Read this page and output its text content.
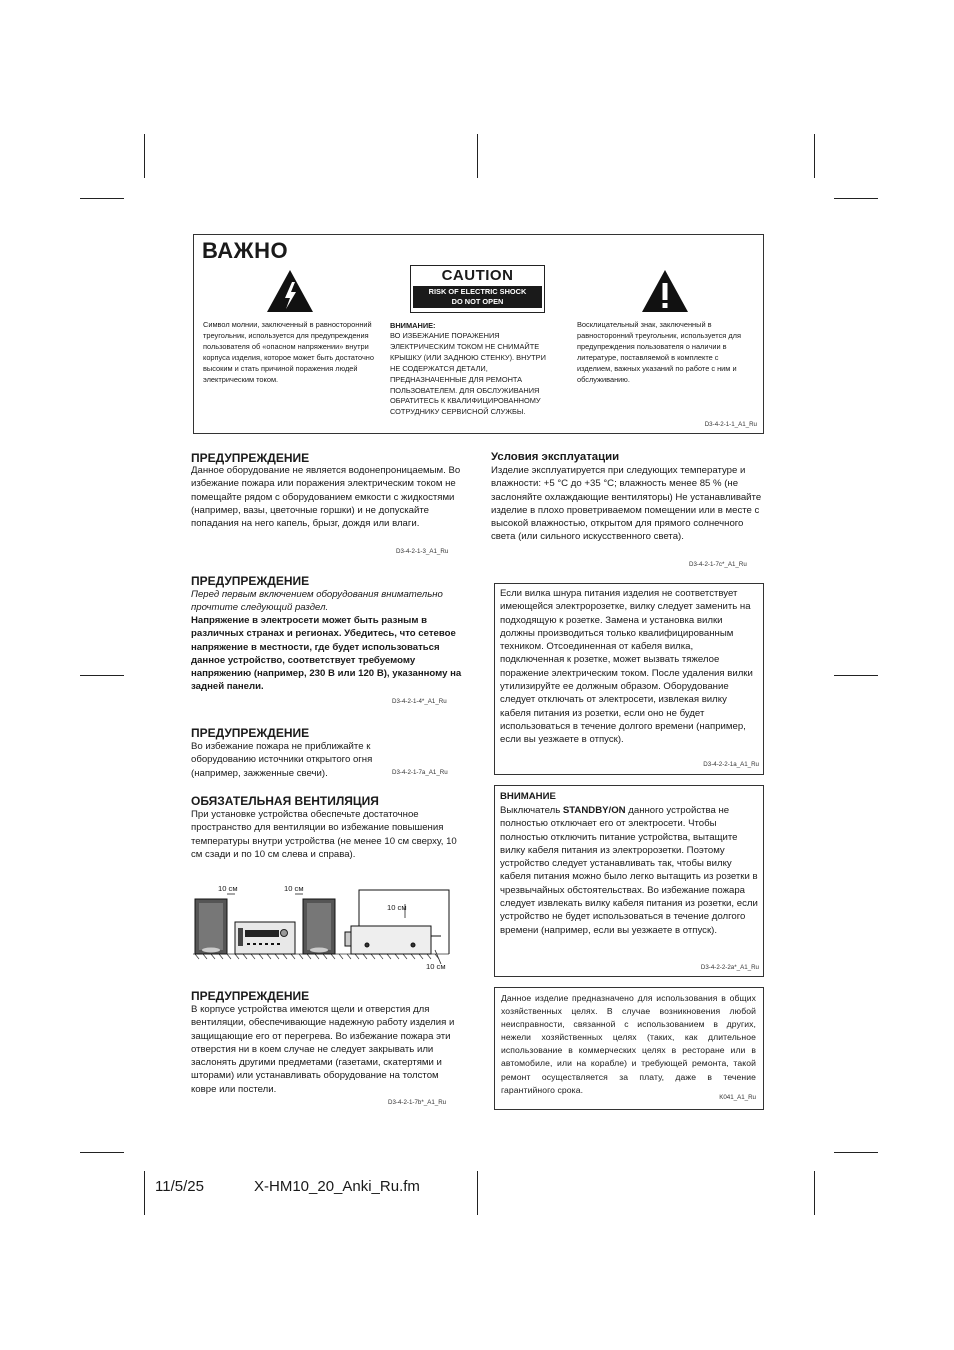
ВАЖНО

Символ молнии, заключенный в равносторонний треугольник, используется для предупреждения пользователя об «опасном напряжении» внутри корпуса изделия, которое может быть достаточно высоким и стать причиной поражения людей электрическим током.

CAUTION
RISK OF ELECTRIC SHOCK
DO NOT OPEN
ВНИМАНИЕ:

ВО ИЗБЕЖАНИЕ ПОРАЖЕНИЯ ЭЛЕКТРИЧЕСКИМ ТОКОМ НЕ СНИМАЙТЕ КРЫШКУ (ИЛИ ЗАДНЮЮ СТЕНКУ). ВНУТРИ НЕ СОДЕРЖАТСЯ ДЕТАЛИ, ПРЕДНАЗНАЧЕННЫЕ ДЛЯ РЕМОНТА ПОЛЬЗОВАТЕЛЕМ. ДЛЯ ОБСЛУЖИВАНИЯ ОБРАТИТЕСЬ К КВАЛИФИЦИРОВАННОМУ СОТРУДНИКУ СЕРВИСНОЙ СЛУЖБЫ.

Восклицательный знак, заключенный в равносторонний треугольник, используется для предупреждения пользователя о наличии в литературе, поставляемой в комплекте с изделием, важных указаний по работе с ним и обслуживанию.

D3-4-2-1-1_A1_Ru
ПРЕДУПРЕЖДЕНИЕ

Данное оборудование не является водонепроницаемым. Во избежание пожара или поражения электрическим током не помещайте рядом с оборудованием емкости с жидкостями (например, вазы, цветочные горшки) и не допускайте попадания на него капель, брызг, дождя или влаги.

D3-4-2-1-3_A1_Ru
ПРЕДУПРЕЖДЕНИЕ

Перед первым включением оборудования внимательно прочтите следующий раздел.

Напряжение в электросети может быть разным в различных странах и регионах. Убедитесь, что сетевое напряжение в местности, где будет использоваться данное устройство, соответствует требуемому напряжению (например, 230 В или 120 В), указанному на задней панели.

D3-4-2-1-4*_A1_Ru
ПРЕДУПРЕЖДЕНИЕ

Во избежание пожара не приближайте к оборудованию источники открытого огня (например, зажженные свечи).	D3-4-2-1-7a_A1_Ru
ОБЯЗАТЕЛЬНАЯ ВЕНТИЛЯЦИЯ

При установке устройства обеспечьте достаточное пространство для вентиляции во избежание повышения температуры внутри устройства (не менее 10 см сверху, 10 см сзади и по 10 см слева и справа).

10 см	10 см
10 см
10 см
ПРЕДУПРЕЖДЕНИЕ

В корпусе устройства имеются щели и отверстия для вентиляции, обеспечивающие надежную работу изделия и защищающие его от перегрева. Во избежание пожара эти отверстия ни в коем случае не следует закрывать или заслонять другими предметами (газетами, скатертями и шторами) или устанавливать оборудование на толстом ковре или постели.

D3-4-2-1-7b*_A1_Ru
Условия эксплуатации

Изделие эксплуатируется при следующих температуре и влажности: +5 °C до +35 °C; влажность менее 85 % (не заслоняйте охлаждающие вентиляторы) Не устанавливайте изделие в плохо проветриваемом помещении или в месте с высокой влажностью, открытом для прямого солнечного света (или сильного искусственного света).

D3-4-2-1-7c*_A1_Ru

Если вилка шнура питания изделия не соответствует имеющейся электророзетке, вилку следует заменить на подходящую к розетке. Замена и установка вилки должны производиться только квалифицированным техником. Отсоединенная от кабеля вилка, подключенная к розетке, может вызвать тяжелое поражение электрическим током. После удаления вилки утилизируйте ее должным образом. Оборудование следует отключать от электросети, извлекая вилку кабеля питания из розетки, если оно не будет использоваться в течение долгого времени (например, если вы уезжаете в отпуск).

D3-4-2-2-1a_A1_Ru
ВНИМАНИЕ

Выключатель STANDBY/ON данного устройства не полностью отключает его от электросети. Чтобы полностью отключить питание устройства, вытащите вилку кабеля питания из электророзетки. Поэтому устройство следует устанавливать так, чтобы вилку кабеля питания можно было легко вытащить из розетки в чрезвычайных обстоятельствах. Во избежание пожара следует извлекать вилку кабеля питания из розетки, если устройство не будет использоваться в течение долгого времени (например, если вы уезжаете в отпуск).

D3-4-2-2-2a*_A1_Ru

Данное изделие предназначено для использования в общих хозяйственных целях. В случае возникновения любой неисправности, связанной с использованием в других, нежели хозяйственных целях (таких, как длительное использование в коммерческих целях в ресторане или в автомобиле, или на корабле) и требующей ремонта, такой ремонт осуществляется за плату, даже в течение гарантийного срока.

K041_A1_Ru
11/5/25	X-HM10_20_Anki_Ru.fm
